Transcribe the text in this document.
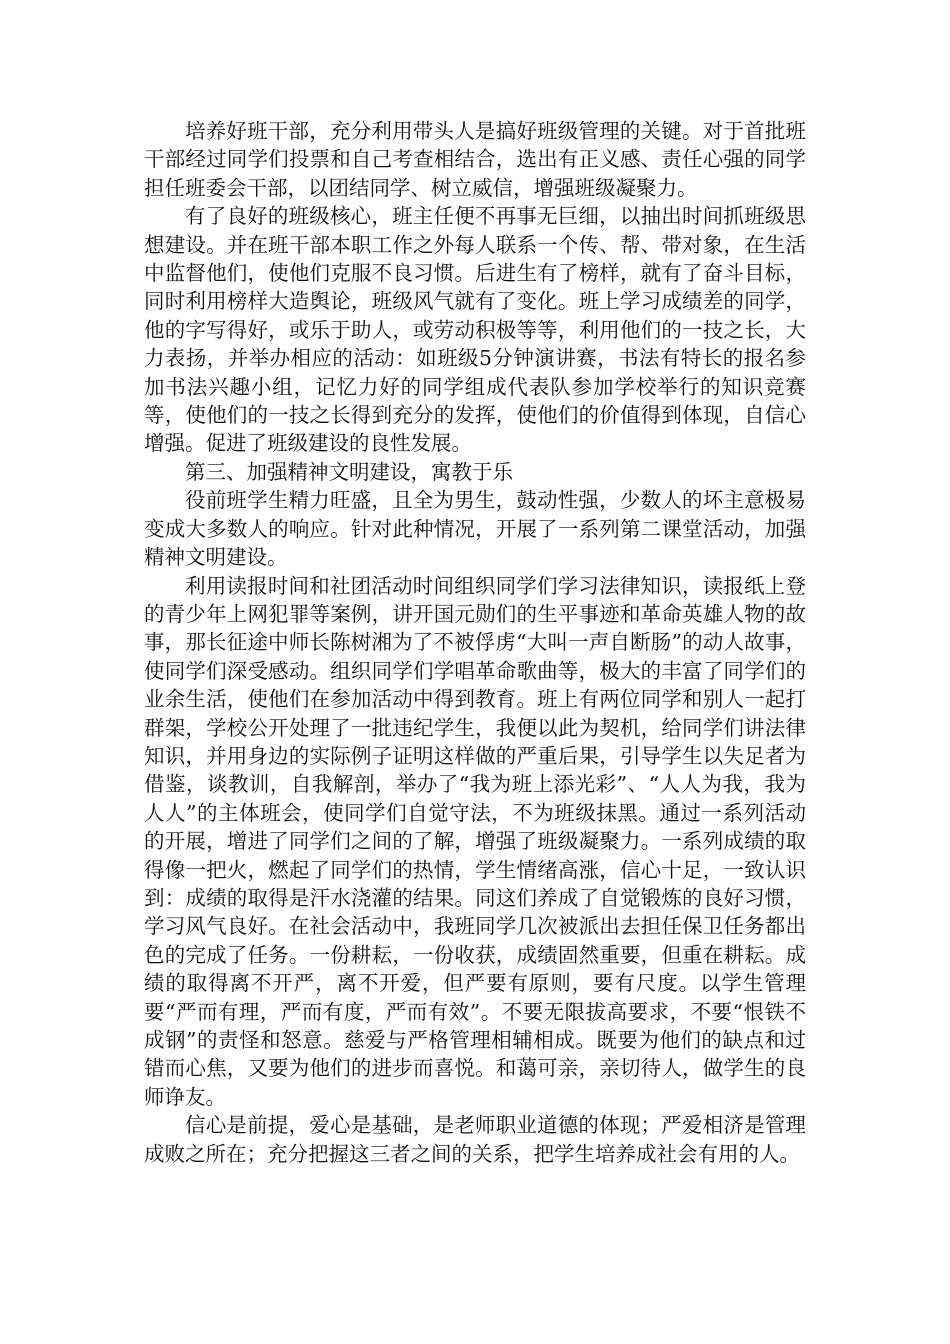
培养好班干部，充分利用带头人是搞好班级管理的关键。对于首批班干部经过同学们投票和自己考查相结合，选出有正义感、责任心强的同学担任班委会干部，以团结同学、树立威信，增强班级凝聚力。

有了良好的班级核心，班主任便不再事无巨细，以抽出时间抓班级思想建设。并在班干部本职工作之外每人联系一个传、帮、带对象，在生活中监督他们，使他们克服不良习惯。后进生有了榜样，就有了奋斗目标，同时利用榜样大造舆论，班级风气就有了变化。班上学习成绩差的同学，他的字写得好，或乐于助人，或劳动积极等等，利用他们的一技之长，大力表扬，并举办相应的活动：如班级5分钟演讲赛，书法有特长的报名参加书法兴趣小组，记忆力好的同学组成代表队参加学校举行的知识竞赛等，使他们的一技之长得到充分的发挥，使他们的价值得到体现，自信心增强。促进了班级建设的良性发展。

第三、加强精神文明建设，寓教于乐

役前班学生精力旺盛，且全为男生，鼓动性强，少数人的坏主意极易变成大多数人的响应。针对此种情况，开展了一系列第二课堂活动，加强精神文明建设。

利用读报时间和社团活动时间组织同学们学习法律知识，读报纸上登的青少年上网犯罪等案例，讲开国元勋们的生平事迹和革命英雄人物的故事，那长征途中师长陈树湘为了不被俘虏“大叫一声自断肠”的动人故事，使同学们深受感动。组织同学们学唱革命歌曲等，极大的丰富了同学们的业余生活，使他们在参加活动中得到教育。班上有两位同学和别人一起打群架，学校公开处理了一批违纪学生，我便以此为契机，给同学们讲法律知识，并用身边的实际例子证明这样做的严重后果，引导学生以失足者为借鉴，谈教训，自我解剖，举办了“我为班上添光彩”、“人人为我，我为人人”的主体班会，使同学们自觉守法，不为班级抹黑。通过一系列活动的开展，增进了同学们之间的了解，增强了班级凝聚力。一系列成绩的取得像一把火，燃起了同学们的热情，学生情绪高涨，信心十足，一致认识到：成绩的取得是汗水浇灌的结果。同这们养成了自觉锻炼的良好习惯，学习风气良好。在社会活动中，我班同学几次被派出去担任保卫任务都出色的完成了任务。一份耕耘，一份收获，成绩固然重要，但重在耕耘。成绩的取得离不开严，离不开爱，但严要有原则，要有尺度。以学生管理要“严而有理，严而有度，严而有效”。不要无限拔高要求，不要“恨铁不成钢”的责怪和怒意。慈爱与严格管理相辅相成。既要为他们的缺点和过错而心焦，又要为他们的进步而喜悦。和蔼可亲，亲切待人，做学生的良师诤友。

信心是前提，爱心是基础，是老师职业道德的体现；严爱相济是管理成败之所在；充分把握这三者之间的关系，把学生培养成社会有用的人。
